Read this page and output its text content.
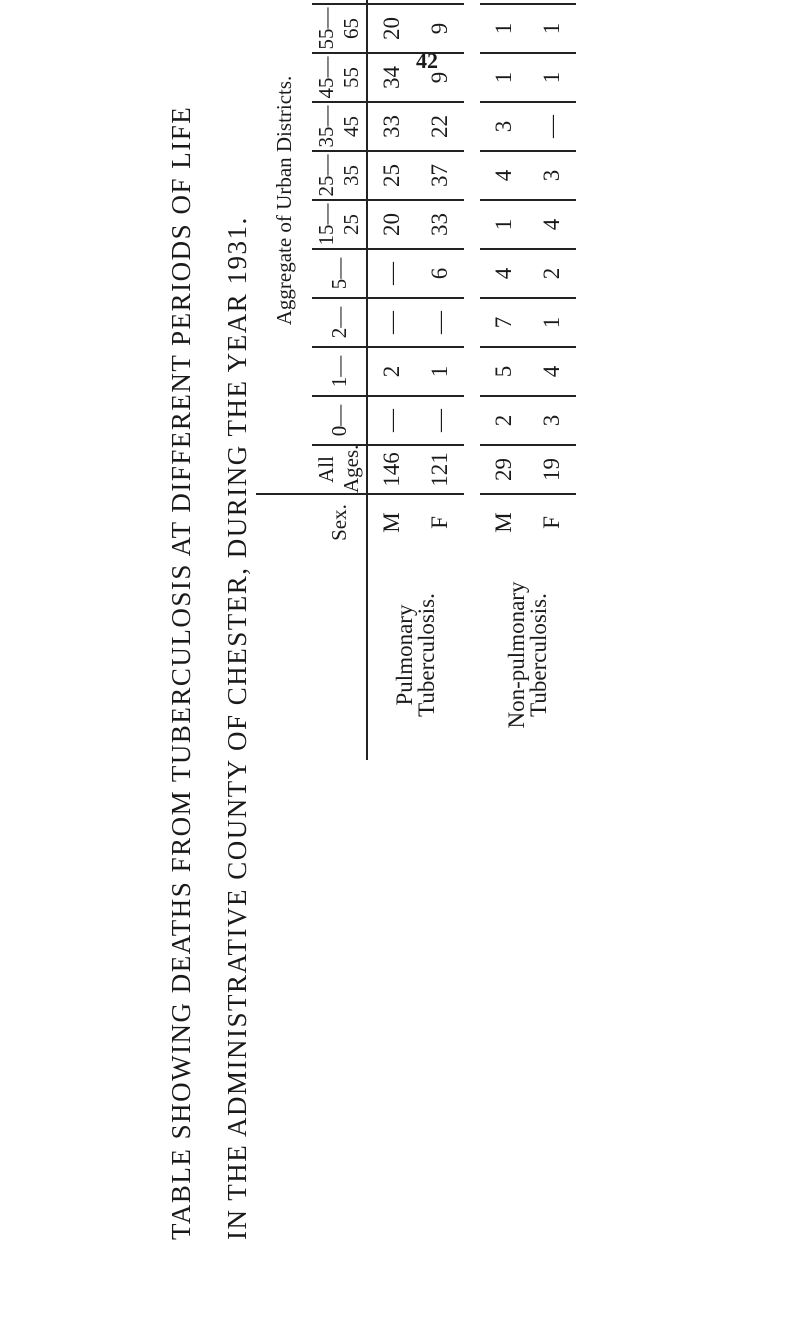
42
TABLE SHOWING DEATHS FROM TUBERCULOSIS AT DIFFERENT PERIODS OF LIFE IN THE ADMINISTRATIVE COUNTY OF CHESTER, DURING THE YEAR 1931.
		Aggregate of Urban Districts.	
	Sex.	All Ages.	0—	1—	2—	5—	15—25	25—35	35—45	45—55	55—65														
Pulmonary Tuberculosis.	M	146	—	2	—	—	20	25	33	34	20														
	F	121	—	1	—	6	33	37	22	9	9														

Non-pulmonary Tuberculosis.	M	29	2	5	7	4	1	4	3	1	1														
	F	19	3	4	1	2	4	3	—	1	1														
